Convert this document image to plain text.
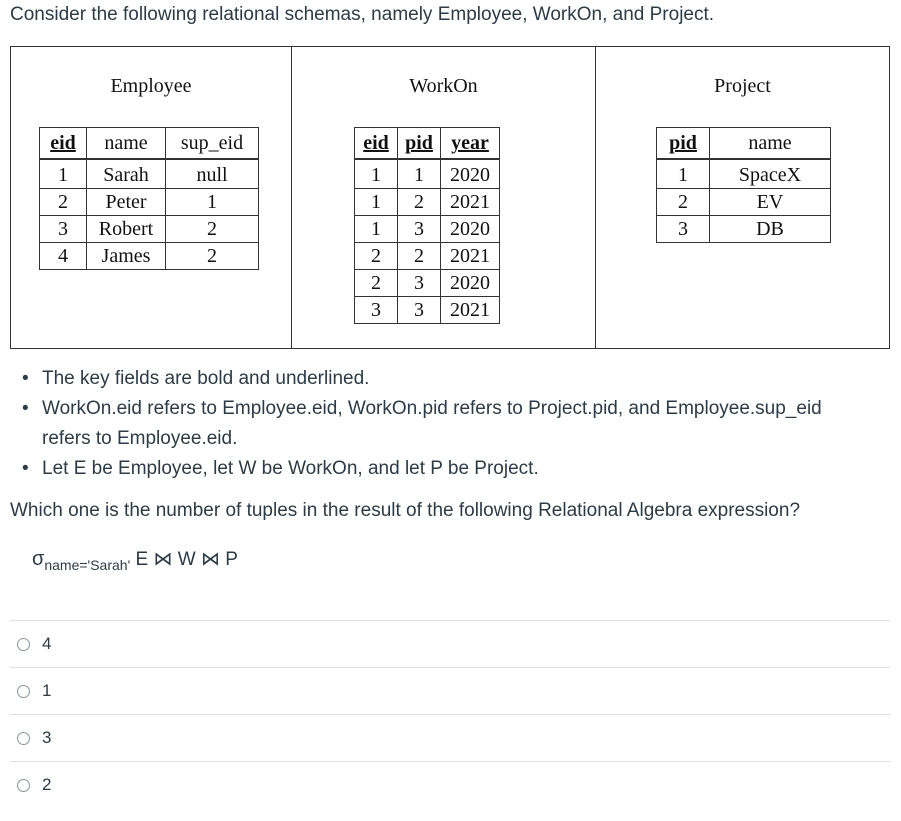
Consider the following relational schemas, namely Employee, WorkOn, and Project.
Employee
eid	name	sup_eid
1	Sarah	null
2	Peter	1
3	Robert	2
4	James	2
WorkOn
eid	pid	year
1	1	2020
1	2	2021
1	3	2020
2	2	2021
2	3	2020
3	3	2021
Project
pid	name
1	SpaceX
2	EV
3	DB
• The key fields are bold and underlined.
• WorkOn.eid refers to Employee.eid, WorkOn.pid refers to Project.pid, and Employee.sup_eid refers to Employee.eid.
• Let E be Employee, let W be WorkOn, and let P be Project.
Which one is the number of tuples in the result of the following Relational Algebra expression?
$\sigma_{name='Sarah'}$ E ⋈ W ⋈ P
4
1
3
2
